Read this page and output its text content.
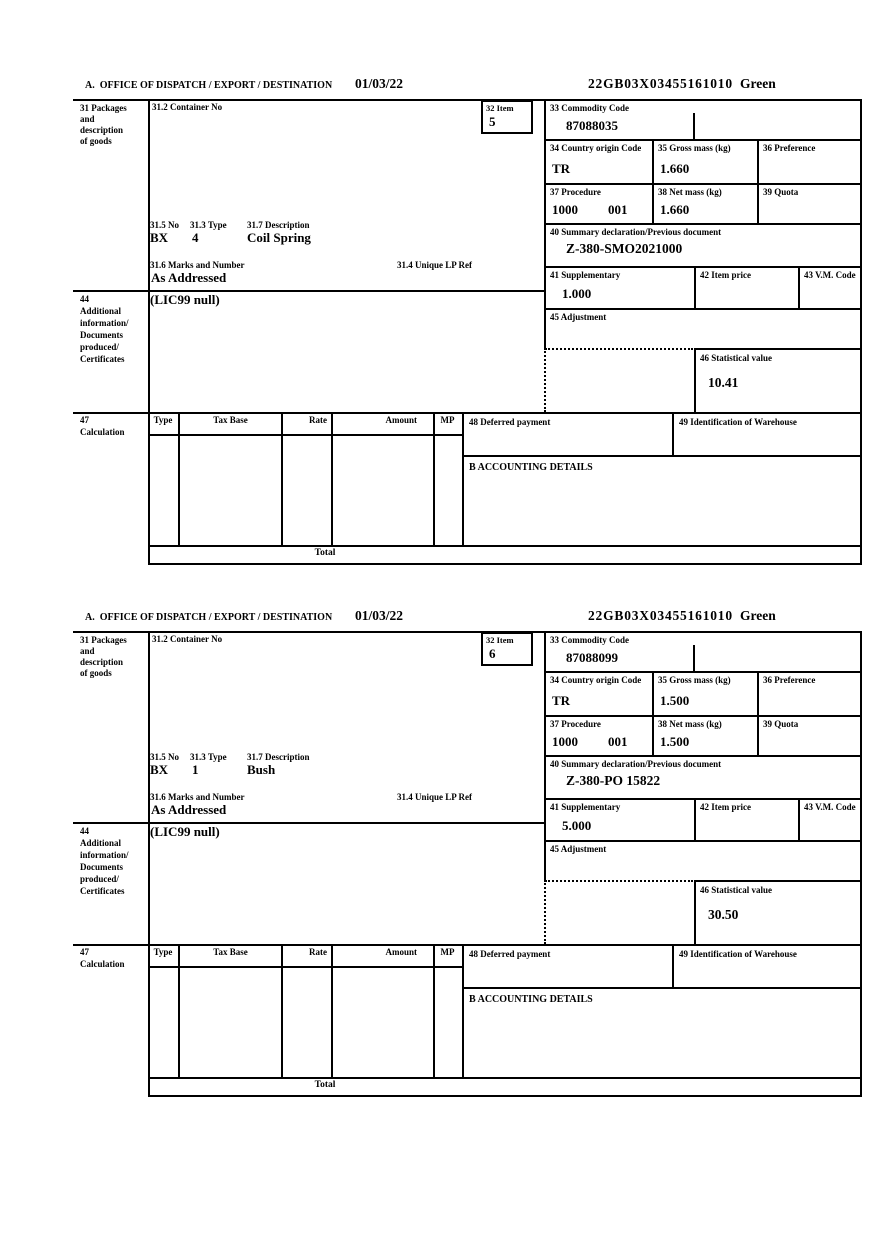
A.  OFFICE OF DISPATCH / EXPORT / DESTINATION 01/03/22	22GB03X03455161010 Green
31 Packages
and
description
of goods
31.2 Container No	32 Item
5
33 Commodity Code
87088035
34 Country origin Code
TR
35 Gross mass (kg)
1.660
36 Preference
37 Procedure
1000 001
38 Net mass (kg)
1.660
39 Quota
40 Summary declaration/Previous document
Z-380-SMO2021000
41 Supplementary
1.000
42 Item price	43 V.M. Code
45 Adjustment
46 Statistical value
10.41
31.5 No 31.3 Type 31.7 Description
BX 4	Coil Spring
31.6 Marks and Number	31.4 Unique LP Ref
As Addressed
44
Additional
information/
Documents
produced/
Certificates
(LIC99 null)
47
Calculation
Type	Tax Base	Rate	Amount	MP	48 Deferred payment	49 Identification of Warehouse
B ACCOUNTING DETAILS
Total
A.  OFFICE OF DISPATCH / EXPORT / DESTINATION 01/03/22	22GB03X03455161010 Green
31 Packages
and
description
of goods
31.2 Container No	32 Item
6
33 Commodity Code
87088099
34 Country origin Code
TR
35 Gross mass (kg)
1.500
36 Preference
37 Procedure
1000 001
38 Net mass (kg)
1.500
39 Quota
40 Summary declaration/Previous document
Z-380-PO 15822
41 Supplementary
5.000
42 Item price	43 V.M. Code
45 Adjustment
46 Statistical value
30.50
31.5 No 31.3 Type 31.7 Description
BX 1	Bush
31.6 Marks and Number	31.4 Unique LP Ref
As Addressed
44
Additional
information/
Documents
produced/
Certificates
(LIC99 null)
47
Calculation
Type	Tax Base	Rate	Amount	MP	48 Deferred payment	49 Identification of Warehouse
B ACCOUNTING DETAILS
Total
